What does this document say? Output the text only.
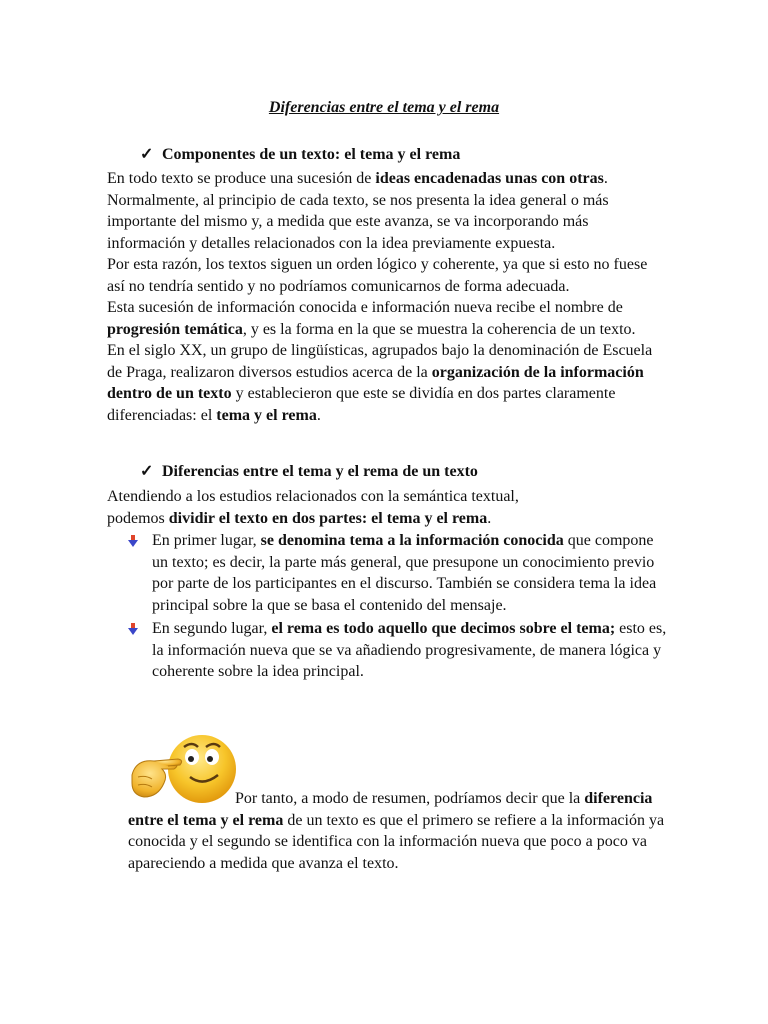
Diferencias entre el tema y el rema
✓ Componentes de un texto: el tema y el rema

En todo texto se produce una sucesión de ideas encadenadas unas con otras. Normalmente, al principio de cada texto, se nos presenta la idea general o más importante del mismo y, a medida que este avanza, se va incorporando más información y detalles relacionados con la idea previamente expuesta.

Por esta razón, los textos siguen un orden lógico y coherente, ya que si esto no fuese así no tendría sentido y no podríamos comunicarnos de forma adecuada.

Esta sucesión de información conocida e información nueva recibe el nombre de progresión temática, y es la forma en la que se muestra la coherencia de un texto.

En el siglo XX, un grupo de lingüísticas, agrupados bajo la denominación de Escuela de Praga, realizaron diversos estudios acerca de la organización de la información dentro de un texto y establecieron que este se dividía en dos partes claramente diferenciadas: el tema y el rema.

✓ Diferencias entre el tema y el rema de un texto

Atendiendo a los estudios relacionados con la semántica textual, podemos dividir el texto en dos partes: el tema y el rema.

En primer lugar, se denomina tema a la información conocida que compone un texto; es decir, la parte más general, que presupone un conocimiento previo por parte de los participantes en el discurso. También se considera tema la idea principal sobre la que se basa el contenido del mensaje.
En segundo lugar, el rema es todo aquello que decimos sobre el tema; esto es, la información nueva que se va añadiendo progresivamente, de manera lógica y coherente sobre la idea principal.

Por tanto, a modo de resumen, podríamos decir que la diferencia entre el tema y el rema de un texto es que el primero se refiere a la información ya conocida y el segundo se identifica con la información nueva que poco a poco va apareciendo a medida que avanza el texto.
